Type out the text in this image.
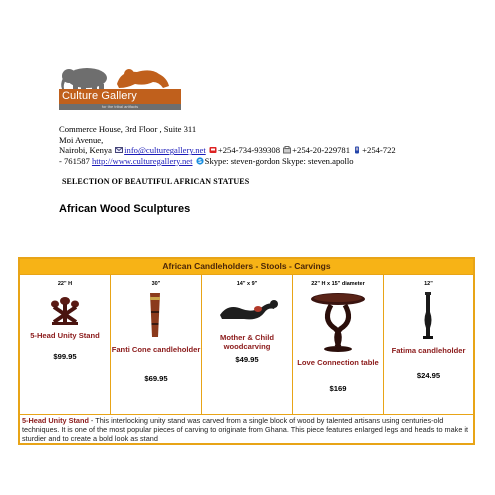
Culture Gallery
for the tribal artifacts
Commerce House, 3rd Floor , Suite 311
Moi Avenue,
Nairobi, Kenya info@culturegallery.net +254-734-939308 +254-20-229781 +254-722
- 761587 http://www.culturegallery.net S Skype: steven-gordon Skype: steven.apollo
SELECTION OF BEAUTIFUL AFRICAN STATUES
African Wood Sculptures
African Candleholders - Stools - Carvings
22" H
5-Head Unity Stand
$99.95
30"
Fanti Cone candleholder
$69.95
14" x 9"
Mother & Child woodcarving
$49.95
22" H x 15" diameter
Love Connection table
$169
12"
Fatima candleholder
$24.95
5-Head Unity Stand - This interlocking unity stand was carved from a single block of wood by talented artisans using centuries-old techniques. It is one of the most popular pieces of carving to originate from Ghana. This piece features enlarged legs and heads to make it sturdier and to create a bold look as stand
